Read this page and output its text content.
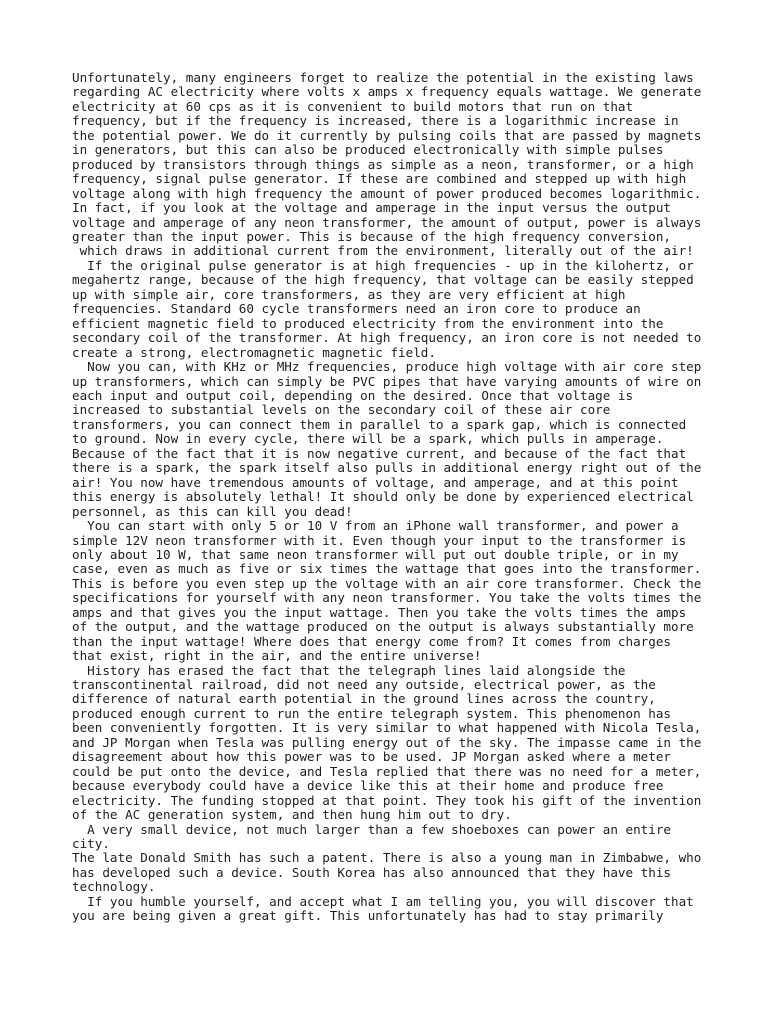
Unfortunately, many engineers forget to realize the potential in the existing laws
regarding AC electricity where volts x amps x frequency equals wattage. We generate
electricity at 60 cps as it is convenient to build motors that run on that
frequency, but if the frequency is increased, there is a logarithmic increase in
the potential power. We do it currently by pulsing coils that are passed by magnets
in generators, but this can also be produced electronically with simple pulses
produced by transistors through things as simple as a neon, transformer, or a high
frequency, signal pulse generator. If these are combined and stepped up with high
voltage along with high frequency the amount of power produced becomes logarithmic.
In fact, if you look at the voltage and amperage in the input versus the output
voltage and amperage of any neon transformer, the amount of output, power is always
greater than the input power. This is because of the high frequency conversion,
which draws in additional current from the environment, literally out of the air!

If the original pulse generator is at high frequencies - up in the kilohertz, or
megahertz range, because of the high frequency, that voltage can be easily stepped
up with simple air, core transformers, as they are very efficient at high
frequencies. Standard 60 cycle transformers need an iron core to produce an
efficient magnetic field to produced electricity from the environment into the
secondary coil of the transformer. At high frequency, an iron core is not needed to
create a strong, electromagnetic magnetic field.

Now you can, with KHz or MHz frequencies, produce high voltage with air core step
up transformers, which can simply be PVC pipes that have varying amounts of wire on
each input and output coil, depending on the desired. Once that voltage is
increased to substantial levels on the secondary coil of these air core
transformers, you can connect them in parallel to a spark gap, which is connected
to ground. Now in every cycle, there will be a spark, which pulls in amperage.
Because of the fact that it is now negative current, and because of the fact that
there is a spark, the spark itself also pulls in additional energy right out of the
air! You now have tremendous amounts of voltage, and amperage, and at this point
this energy is absolutely lethal! It should only be done by experienced electrical
personnel, as this can kill you dead!

You can start with only 5 or 10 V from an iPhone wall transformer, and power a
simple 12V neon transformer with it. Even though your input to the transformer is
only about 10 W, that same neon transformer will put out double triple, or in my
case, even as much as five or six times the wattage that goes into the transformer.
This is before you even step up the voltage with an air core transformer. Check the
specifications for yourself with any neon transformer. You take the volts times the
amps and that gives you the input wattage. Then you take the volts times the amps
of the output, and the wattage produced on the output is always substantially more
than the input wattage! Where does that energy come from? It comes from charges
that exist, right in the air, and the entire universe!

History has erased the fact that the telegraph lines laid alongside the
transcontinental railroad, did not need any outside, electrical power, as the
difference of natural earth potential in the ground lines across the country,
produced enough current to run the entire telegraph system. This phenomenon has
been conveniently forgotten. It is very similar to what happened with Nicola Tesla,
and JP Morgan when Tesla was pulling energy out of the sky. The impasse came in the
disagreement about how this power was to be used. JP Morgan asked where a meter
could be put onto the device, and Tesla replied that there was no need for a meter,
because everybody could have a device like this at their home and produce free
electricity. The funding stopped at that point. They took his gift of the invention
of the AC generation system, and then hung him out to dry.

A very small device, not much larger than a few shoeboxes can power an entire
city.

The late Donald Smith has such a patent. There is also a young man in Zimbabwe, who
has developed such a device. South Korea has also announced that they have this
technology.

If you humble yourself, and accept what I am telling you, you will discover that
you are being given a great gift. This unfortunately has had to stay primarily
